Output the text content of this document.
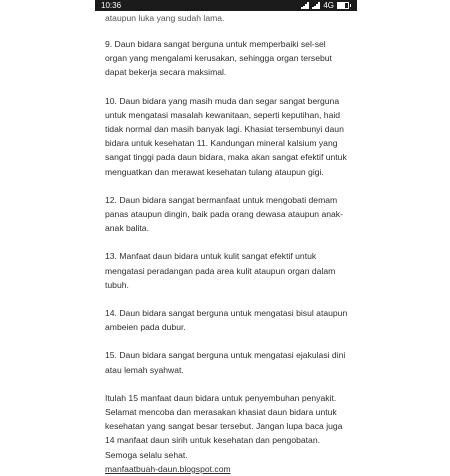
10:36	4G

ataupun luka yang sudah lama.

9. Daun bidara sangat berguna untuk memperbaiki sel-sel organ yang mengalami kerusakan, sehingga organ tersebut dapat bekerja secara maksimal.

10. Daun bidara yang masih muda dan segar sangat berguna untuk mengatasi masalah kewanitaan, seperti keputihan, haid tidak normal dan masih banyak lagi. Khasiat tersembunyi daun bidara untuk kesehatan 11. Kandungan mineral kalsium yang sangat tinggi pada daun bidara, maka akan sangat efektif untuk menguatkan dan merawat kesehatan tulang ataupun gigi.

12. Daun bidara sangat bermanfaat untuk mengobati demam panas ataupun dingin, baik pada orang dewasa ataupun anak-anak balita.

13. Manfaat daun bidara untuk kulit sangat efektif untuk mengatasi peradangan pada area kulit ataupun organ dalam tubuh.

14. Daun bidara sangat berguna untuk mengatasi bisul ataupun ambeien pada dubur.

15. Daun bidara sangat berguna untuk mengatasi ejakulasi dini atau lemah syahwat.

Itulah 15 manfaat daun bidara untuk penyembuhan penyakit. Selamat mencoba dan merasakan khasiat daun bidara untuk kesehatan yang sangat besar tersebut. Jangan lupa baca juga 14 manfaat daun sirih untuk kesehatan dan pengobatan. Semoga selalu sehat.

manfaatbuah-daun.blogspot.com
